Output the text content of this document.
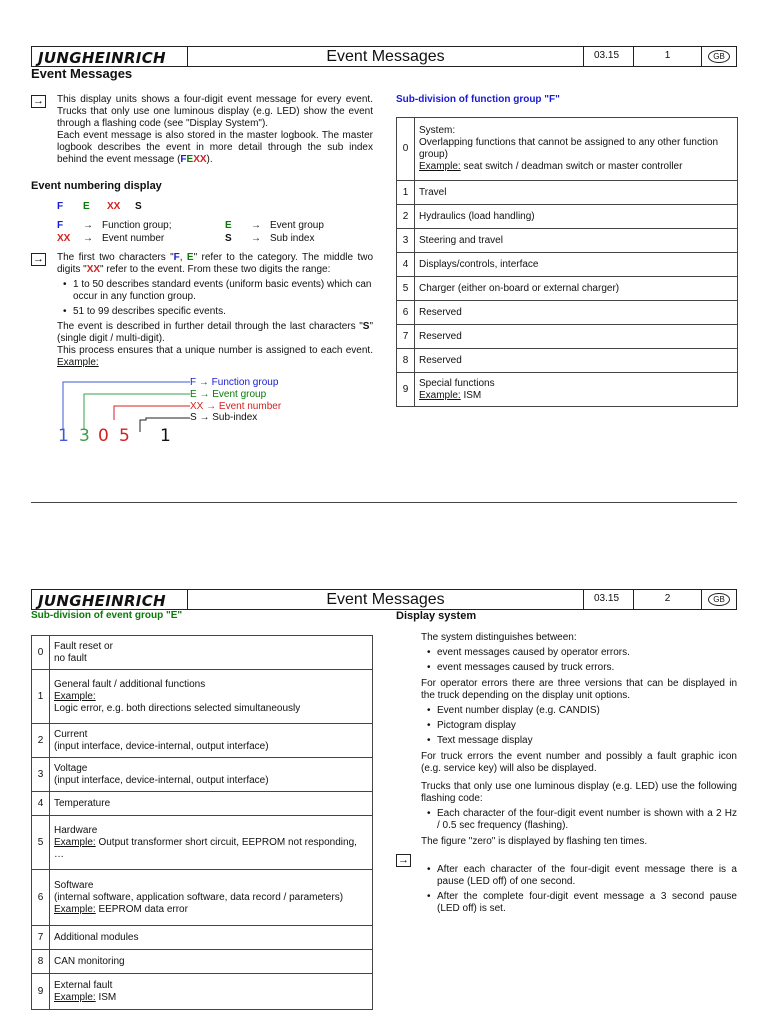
JUNGHEINRICH	Event Messages	03.15	1	GB
Event Messages
→ This display units shows a four-digit event message for every event. Trucks that only use one luminous display (e.g. LED) show the event through a flashing code (see "Display System").

Each event message is also stored in the master logbook. The master logbook describes the event in more detail through the sub index behind the event message (FEXX).

Event numbering display
F E XX S
F → Function group;	E → Event group
XX → Event number	S → Sub index
→ The first two characters "F, E" refer to the category. The middle two digits "XX" refer to the event. From these two digits the range:

• 1 to 50 describes standard events (uniform basic events) which can occur in any function group.
• 51 to 99 describes specific events.

The event is described in further detail through the last characters "S" (single digit / multi-digit).

This process ensures that a unique number is assigned to each event. Example:

F → Function group
E → Event group
XX → Event number
S → Sub-index
1 3 0 5 1
Sub-division of function group "F"
0	System:
Overlapping functions that cannot be assigned to any other function group)
Example: seat switch / deadman switch or master controller

1	Travel

2	Hydraulics (load handling)

3	Steering and travel

4	Displays/controls, interface

5	Charger (either on-board or external charger)

6	Reserved

7	Reserved

8	Reserved

9	Special functions
Example: ISM
JUNGHEINRICH	Event Messages	03.15	2	GB
Sub-division of event group "E"
0	Fault reset or
no fault

1	General fault / additional functions
Example:
Logic error, e.g. both directions selected simultaneously

2	Current
(input interface, device-internal, output interface)

3	Voltage
(input interface, device-internal, output interface)

4	Temperature

5	Hardware
Example: Output transformer short circuit, EEPROM not responding, …

6	Software
(internal software, application software, data record / parameters)
Example: EEPROM data error

7	Additional modules

8	CAN monitoring

9	External fault
Example: ISM
Display system

The system distinguishes between:

• event messages caused by operator errors.
• event messages caused by truck errors.

For operator errors there are three versions that can be displayed in the truck depending on the display unit options.

• Event number display (e.g. CANDIS)
• Pictogram display
• Text message display

For truck errors the event number and possibly a fault graphic icon (e.g. service key) will also be displayed.

Trucks that only use one luminous display (e.g. LED) use the following flashing code:

• Each character of the four-digit event number is shown with a 2 Hz / 0.5 sec frequency (flashing).

The figure "zero" is displayed by flashing ten times.

• After each character of the four-digit event message there is a pause (LED off) of one second.
• After the complete four-digit event message a 3 second pause (LED off) is set.
→
